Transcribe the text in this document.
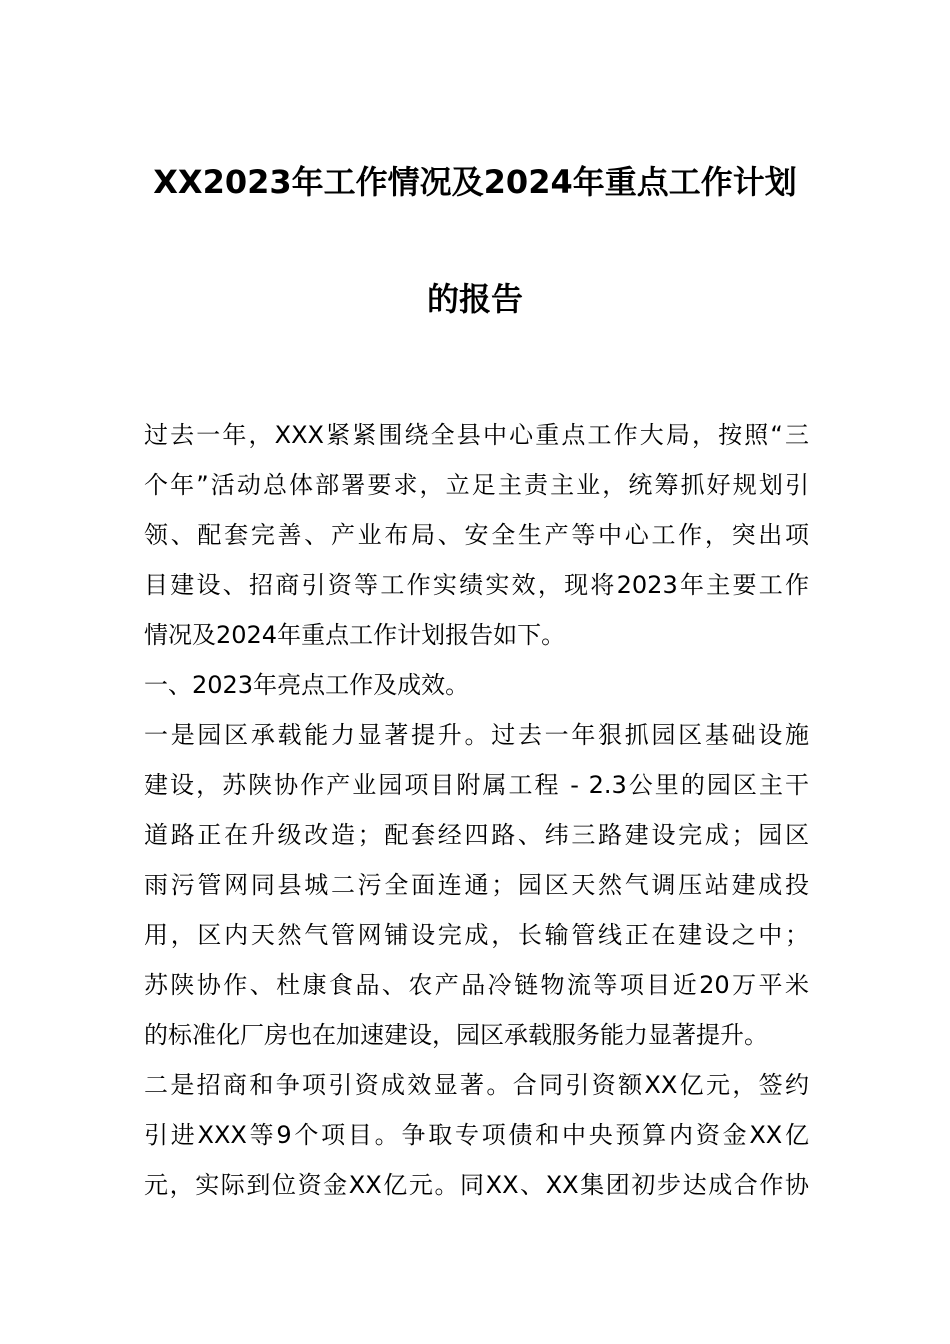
XX2023年工作情况及2024年重点工作计划
的报告
过去一年，XXX紧紧围绕全县中心重点工作大局，按照“三
个年”活动总体部署要求，立足主责主业，统筹抓好规划引
领、配套完善、产业布局、安全生产等中心工作，突出项
目建设、招商引资等工作实绩实效，现将2023年主要工作
情况及2024年重点工作计划报告如下。
一、2023年亮点工作及成效。
一是园区承载能力显著提升。过去一年狠抓园区基础设施
建设，苏陕协作产业园项目附属工程 - 2.3公里的园区主干
道路正在升级改造；配套经四路、纬三路建设完成；园区
雨污管网同县城二污全面连通；园区天然气调压站建成投
用，区内天然气管网铺设完成，长输管线正在建设之中；
苏陕协作、杜康食品、农产品冷链物流等项目近20万平米
的标准化厂房也在加速建设，园区承载服务能力显著提升。
二是招商和争项引资成效显著。合同引资额XX亿元，签约
引进XXX等9个项目。争取专项债和中央预算内资金XX亿
元，实际到位资金XX亿元。同XX、XX集团初步达成合作协
